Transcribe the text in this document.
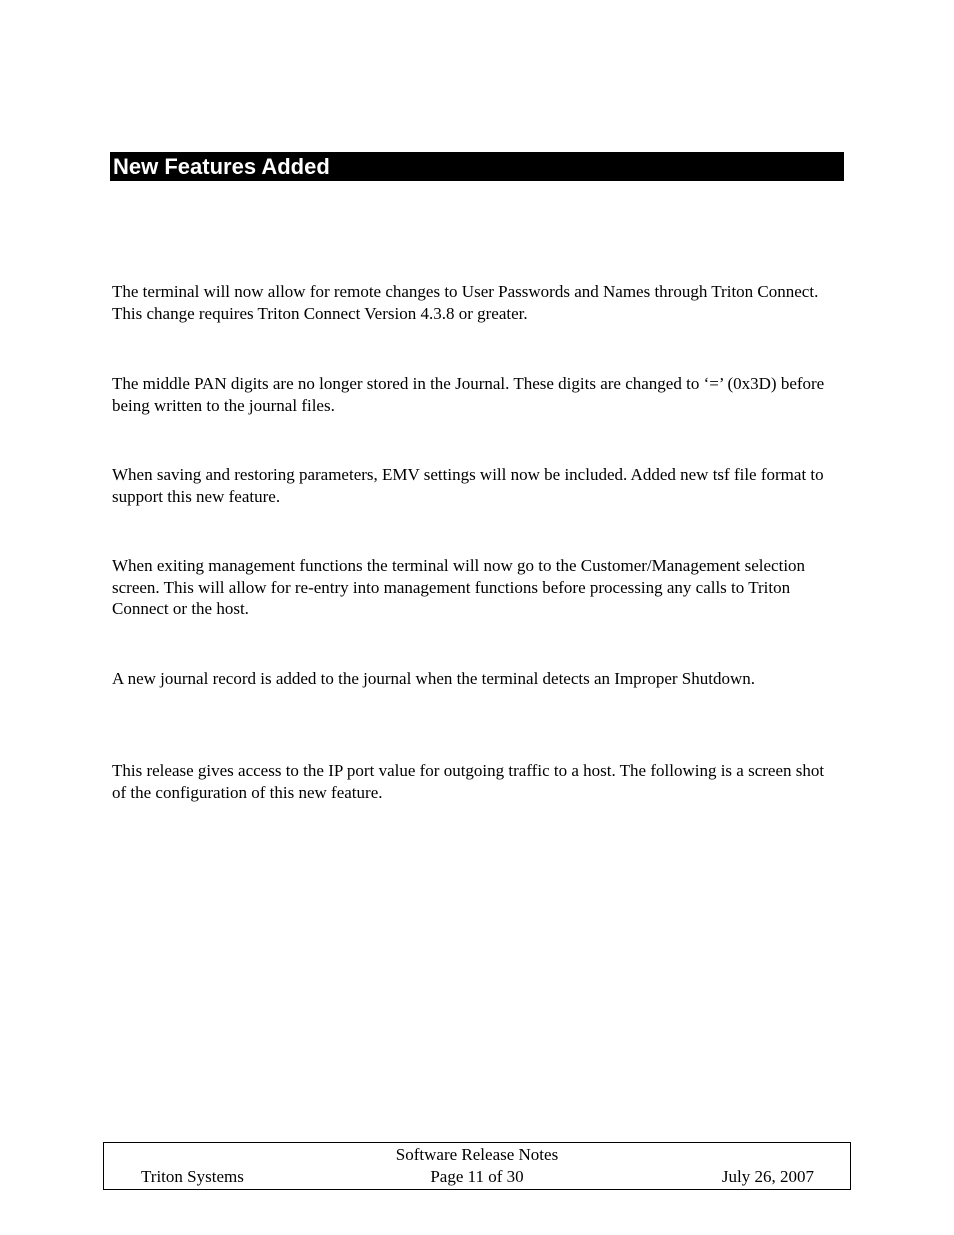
New Features Added
The terminal will now allow for remote changes to User Passwords and Names through Triton Connect. This change requires Triton Connect Version 4.3.8 or greater.
The middle PAN digits are no longer stored in the Journal. These digits are changed to ‘=’ (0x3D) before being written to the journal files.
When saving and restoring parameters, EMV settings will now be included. Added new tsf file format to support this new feature.
When exiting management functions the terminal will now go to the Customer/Management selection screen. This will allow for re-entry into management functions before processing any calls to Triton Connect or the host.
A new journal record is added to the journal when the terminal detects an Improper Shutdown.
This release gives access to the IP port value for outgoing traffic to a host. The following is a screen shot of the configuration of this new feature.
Software Release Notes
Triton Systems	Page 11 of 30	July 26, 2007
